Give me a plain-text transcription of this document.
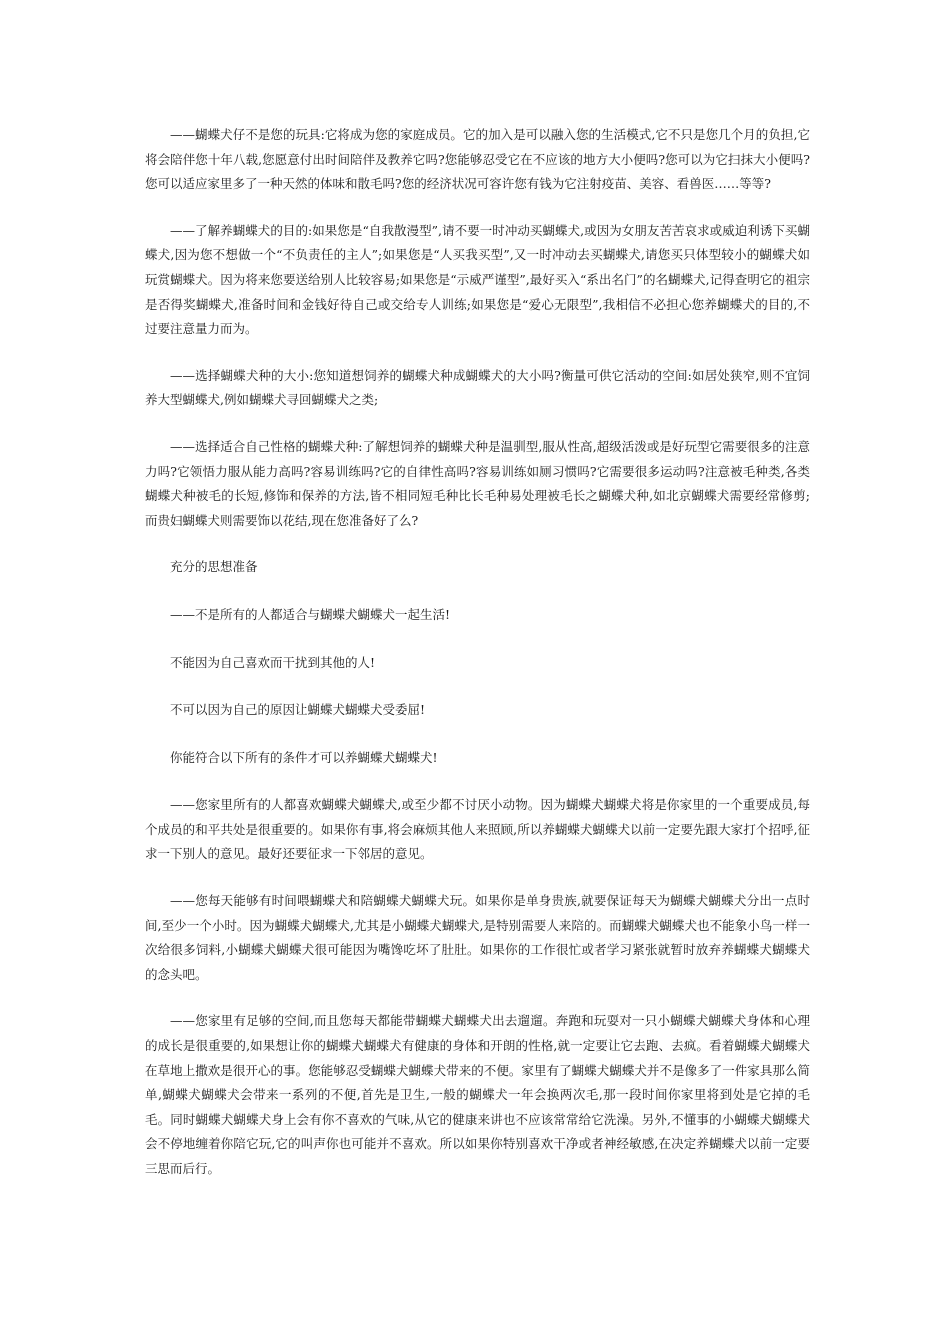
——蝴蝶犬仔不是您的玩具:它将成为您的家庭成员。它的加入是可以融入您的生活模式,它不只是您几个月的负担,它将会陪伴您十年八载,您愿意付出时间陪伴及教养它吗?您能够忍受它在不应该的地方大小便吗?您可以为它扫抹大小便吗?您可以适应家里多了一种天然的体味和散毛吗?您的经济状况可容许您有钱为它注射疫苗、美容、看兽医……等等?

——了解养蝴蝶犬的目的:如果您是“自我散漫型”,请不要一时冲动买蝴蝶犬,或因为女朋友苦苦哀求或威迫利诱下买蝴蝶犬,因为您不想做一个“不负责任的主人”;如果您是“人买我买型”,又一时冲动去买蝴蝶犬,请您买只体型较小的蝴蝶犬如玩赏蝴蝶犬。因为将来您要送给别人比较容易;如果您是“示威严谨型”,最好买入“系出名门”的名蝴蝶犬,记得查明它的祖宗是否得奖蝴蝶犬,准备时间和金钱好待自己或交给专人训练;如果您是“爱心无限型”,我相信不必担心您养蝴蝶犬的目的,不过要注意量力而为。

——选择蝴蝶犬种的大小:您知道想饲养的蝴蝶犬种成蝴蝶犬的大小吗?衡量可供它活动的空间:如居处狭窄,则不宜饲养大型蝴蝶犬,例如蝴蝶犬寻回蝴蝶犬之类;

——选择适合自己性格的蝴蝶犬种:了解想饲养的蝴蝶犬种是温驯型,服从性高,超级活泼或是好玩型它需要很多的注意力吗?它领悟力服从能力高吗?容易训练吗?它的自律性高吗?容易训练如厕习惯吗?它需要很多运动吗?注意被毛种类,各类蝴蝶犬种被毛的长短,修饰和保养的方法,皆不相同短毛种比长毛种易处理被毛长之蝴蝶犬种,如北京蝴蝶犬需要经常修剪;而贵妇蝴蝶犬则需要饰以花结,现在您准备好了么?

充分的思想准备

——不是所有的人都适合与蝴蝶犬蝴蝶犬一起生活!

不能因为自己喜欢而干扰到其他的人!

不可以因为自己的原因让蝴蝶犬蝴蝶犬受委屈!

你能符合以下所有的条件才可以养蝴蝶犬蝴蝶犬!

——您家里所有的人都喜欢蝴蝶犬蝴蝶犬,或至少都不讨厌小动物。因为蝴蝶犬蝴蝶犬将是你家里的一个重要成员,每个成员的和平共处是很重要的。如果你有事,将会麻烦其他人来照顾,所以养蝴蝶犬蝴蝶犬以前一定要先跟大家打个招呼,征求一下别人的意见。最好还要征求一下邻居的意见。

——您每天能够有时间喂蝴蝶犬和陪蝴蝶犬蝴蝶犬玩。如果你是单身贵族,就要保证每天为蝴蝶犬蝴蝶犬分出一点时间,至少一个小时。因为蝴蝶犬蝴蝶犬,尤其是小蝴蝶犬蝴蝶犬,是特别需要人来陪的。而蝴蝶犬蝴蝶犬也不能象小鸟一样一次给很多饲料,小蝴蝶犬蝴蝶犬很可能因为嘴馋吃坏了肚肚。如果你的工作很忙或者学习紧张就暂时放弃养蝴蝶犬蝴蝶犬的念头吧。

——您家里有足够的空间,而且您每天都能带蝴蝶犬蝴蝶犬出去遛遛。奔跑和玩耍对一只小蝴蝶犬蝴蝶犬身体和心理的成长是很重要的,如果想让你的蝴蝶犬蝴蝶犬有健康的身体和开朗的性格,就一定要让它去跑、去疯。看着蝴蝶犬蝴蝶犬在草地上撒欢是很开心的事。您能够忍受蝴蝶犬蝴蝶犬带来的不便。家里有了蝴蝶犬蝴蝶犬并不是像多了一件家具那么简单,蝴蝶犬蝴蝶犬会带来一系列的不便,首先是卫生,一般的蝴蝶犬一年会换两次毛,那一段时间你家里将到处是它掉的毛毛。同时蝴蝶犬蝴蝶犬身上会有你不喜欢的气味,从它的健康来讲也不应该常常给它洗澡。另外,不懂事的小蝴蝶犬蝴蝶犬会不停地缠着你陪它玩,它的叫声你也可能并不喜欢。所以如果你特别喜欢干净或者神经敏感,在决定养蝴蝶犬以前一定要三思而后行。
